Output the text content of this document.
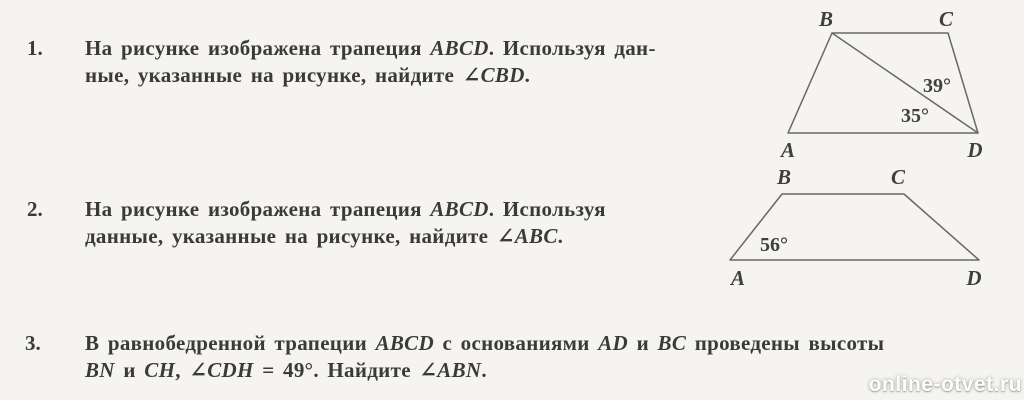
1. На рисунке изображена трапеция ABCD. Используя дан-
ные, указанные на рисунке, найдите ∠CBD.
B	C
A	D
39°
35°
2. На рисунке изображена трапеция ABCD. Используя
данные, указанные на рисунке, найдите ∠ABC.
B	C
A	D
56°
3. В равнобедренной трапеции ABCD с основаниями AD и BC проведены высоты
BN и CH, ∠CDH = 49°. Найдите ∠ABN.
online-otvet.ru
